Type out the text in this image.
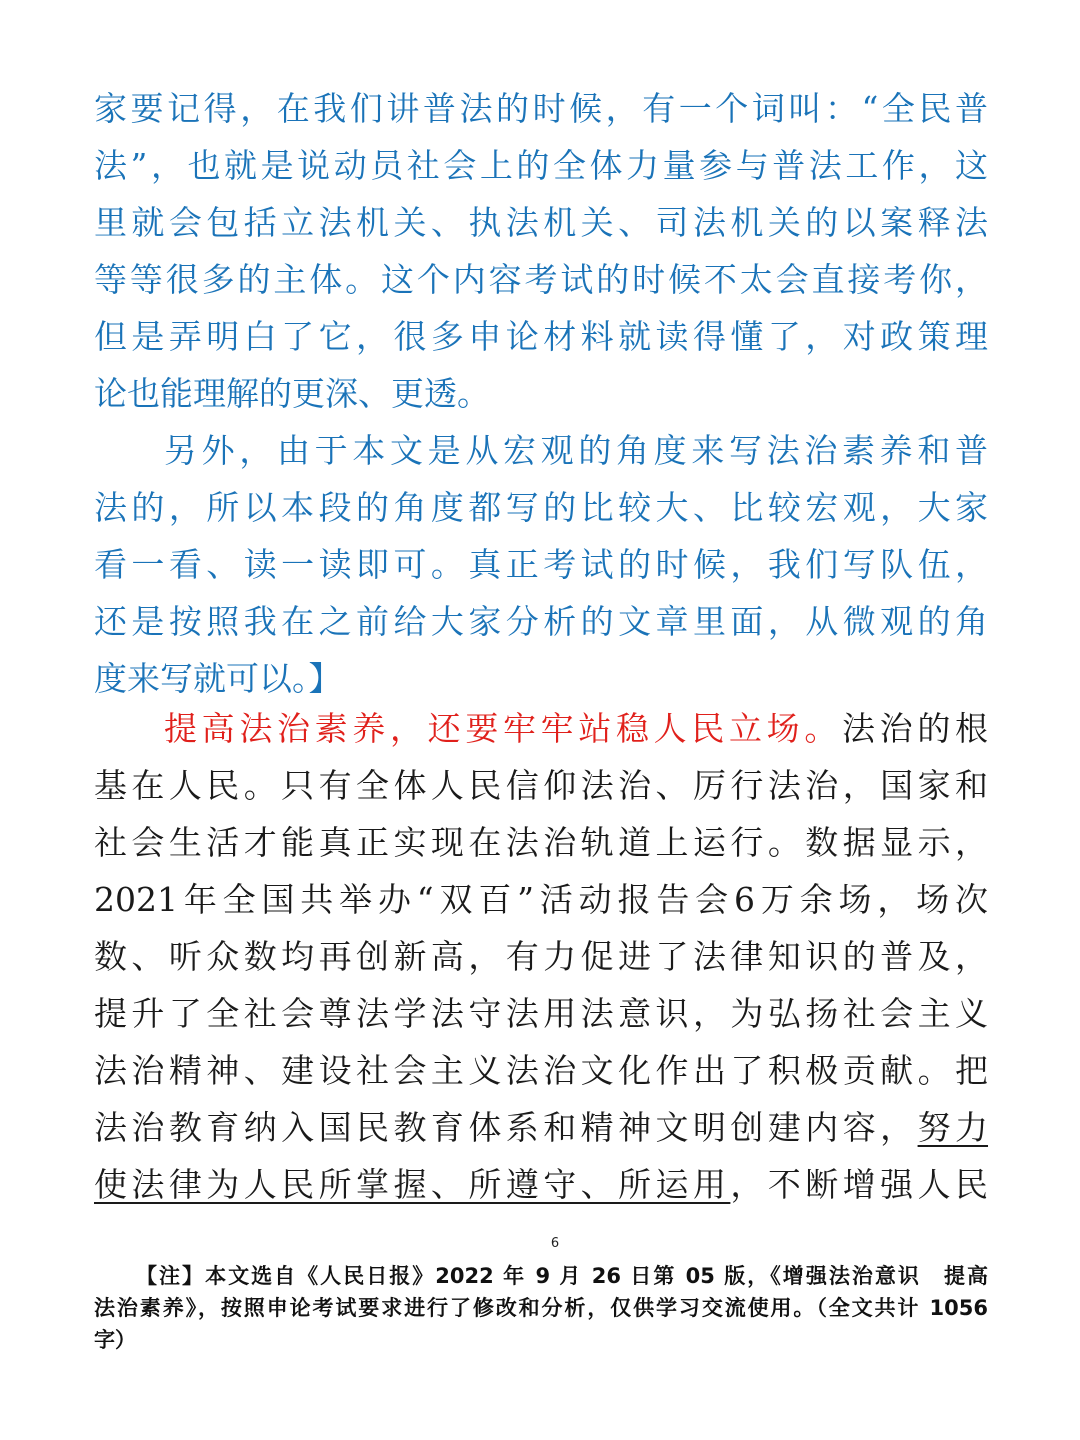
家要记得，在我们讲普法的时候，有一个词叫：“全民普
法”，也就是说动员社会上的全体力量参与普法工作，这
里就会包括立法机关、执法机关、司法机关的以案释法
等等很多的主体。这个内容考试的时候不太会直接考你，
但是弄明白了它，很多申论材料就读得懂了，对政策理
论也能理解的更深、更透。
另外，由于本文是从宏观的角度来写法治素养和普
法的，所以本段的角度都写的比较大、比较宏观，大家
看一看、读一读即可。真正考试的时候，我们写队伍，
还是按照我在之前给大家分析的文章里面，从微观的角
度来写就可以。】
提高法治素养，还要牢牢站稳人民立场。法治的根
基在人民。只有全体人民信仰法治、厉行法治，国家和
社会生活才能真正实现在法治轨道上运行。数据显示，
2021年全国共举办“双百”活动报告会6万余场，场次
数、听众数均再创新高，有力促进了法律知识的普及，
提升了全社会尊法学法守法用法意识，为弘扬社会主义
法治精神、建设社会主义法治文化作出了积极贡献。把
法治教育纳入国民教育体系和精神文明创建内容，努力
使法律为人民所掌握、所遵守、所运用，不断增强人民
6
【注】本文选自《人民日报》2022 年 9 月 26 日第 05 版，《增强法治意识　提高
法治素养》，按照申论考试要求进行了修改和分析，仅供学习交流使用。（全文共计 1056
字）
